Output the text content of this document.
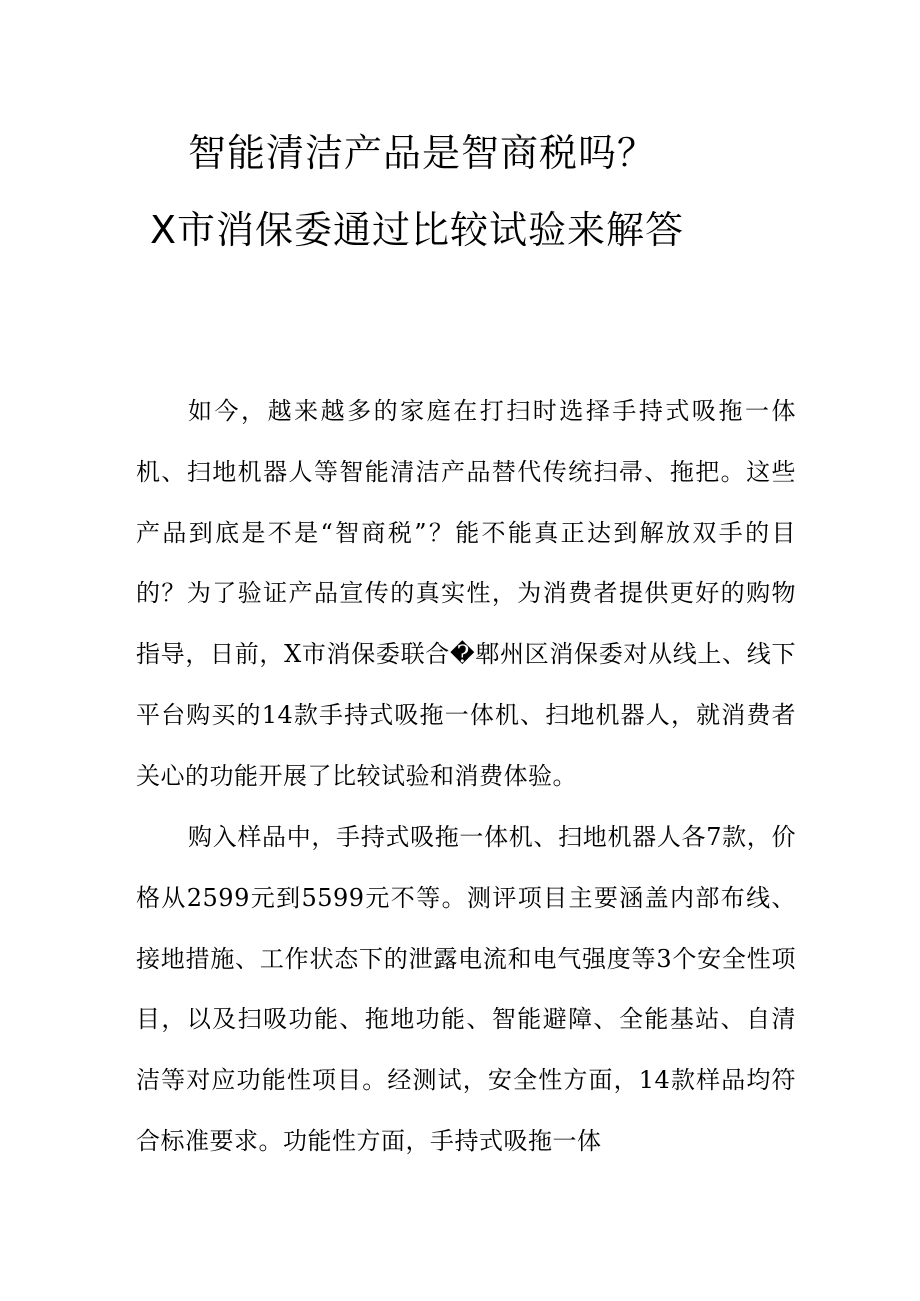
智能清洁产品是智商税吗？
X市消保委通过比较试验来解答

如今，越来越多的家庭在打扫时选择手持式吸拖一体机、扫地机器人等智能清洁产品替代传统扫帚、拖把。这些产品到底是不是“智商税”？能不能真正达到解放双手的目的？为了验证产品宣传的真实性，为消费者提供更好的购物指导，日前，X市消保委联合�郫州区消保委对从线上、线下平台购买的14款手持式吸拖一体机、扫地机器人，就消费者关心的功能开展了比较试验和消费体验。

购入样品中，手持式吸拖一体机、扫地机器人各7款，价格从2599元到5599元不等。测评项目主要涵盖内部布线、接地措施、工作状态下的泄露电流和电气强度等3个安全性项目，以及扫吸功能、拖地功能、智能避障、全能基站、自清洁等对应功能性项目。经测试，安全性方面，14款样品均符合标准要求。功能性方面，手持式吸拖一体
